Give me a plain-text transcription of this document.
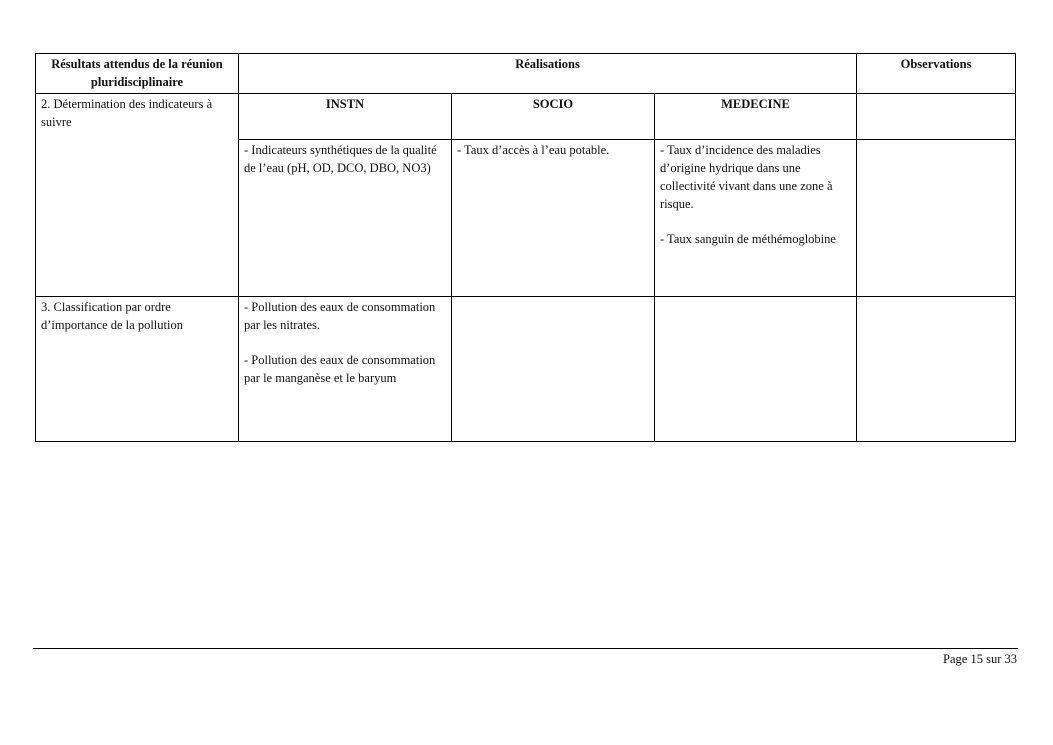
Résultats attendus de la réunion pluridisciplinaire	Réalisations			Observations
2. Détermination des indicateurs à suivre	INSTN	SOCIO	MEDECINE	

	- Indicateurs synthétiques de la qualité de l’eau (pH, OD, DCO, DBO, NO3)	- Taux d’accès à l’eau potable.	- Taux d’incidence des maladies d’origine hydrique dans une collectivité vivant dans une zone à risque.
- Taux sanguin de méthémoglobine	

3. Classification par ordre d’importance de la pollution	- Pollution des eaux de consommation par les nitrates.
- Pollution des eaux de consommation par le manganèse et le baryum			

Page 15 sur 33
